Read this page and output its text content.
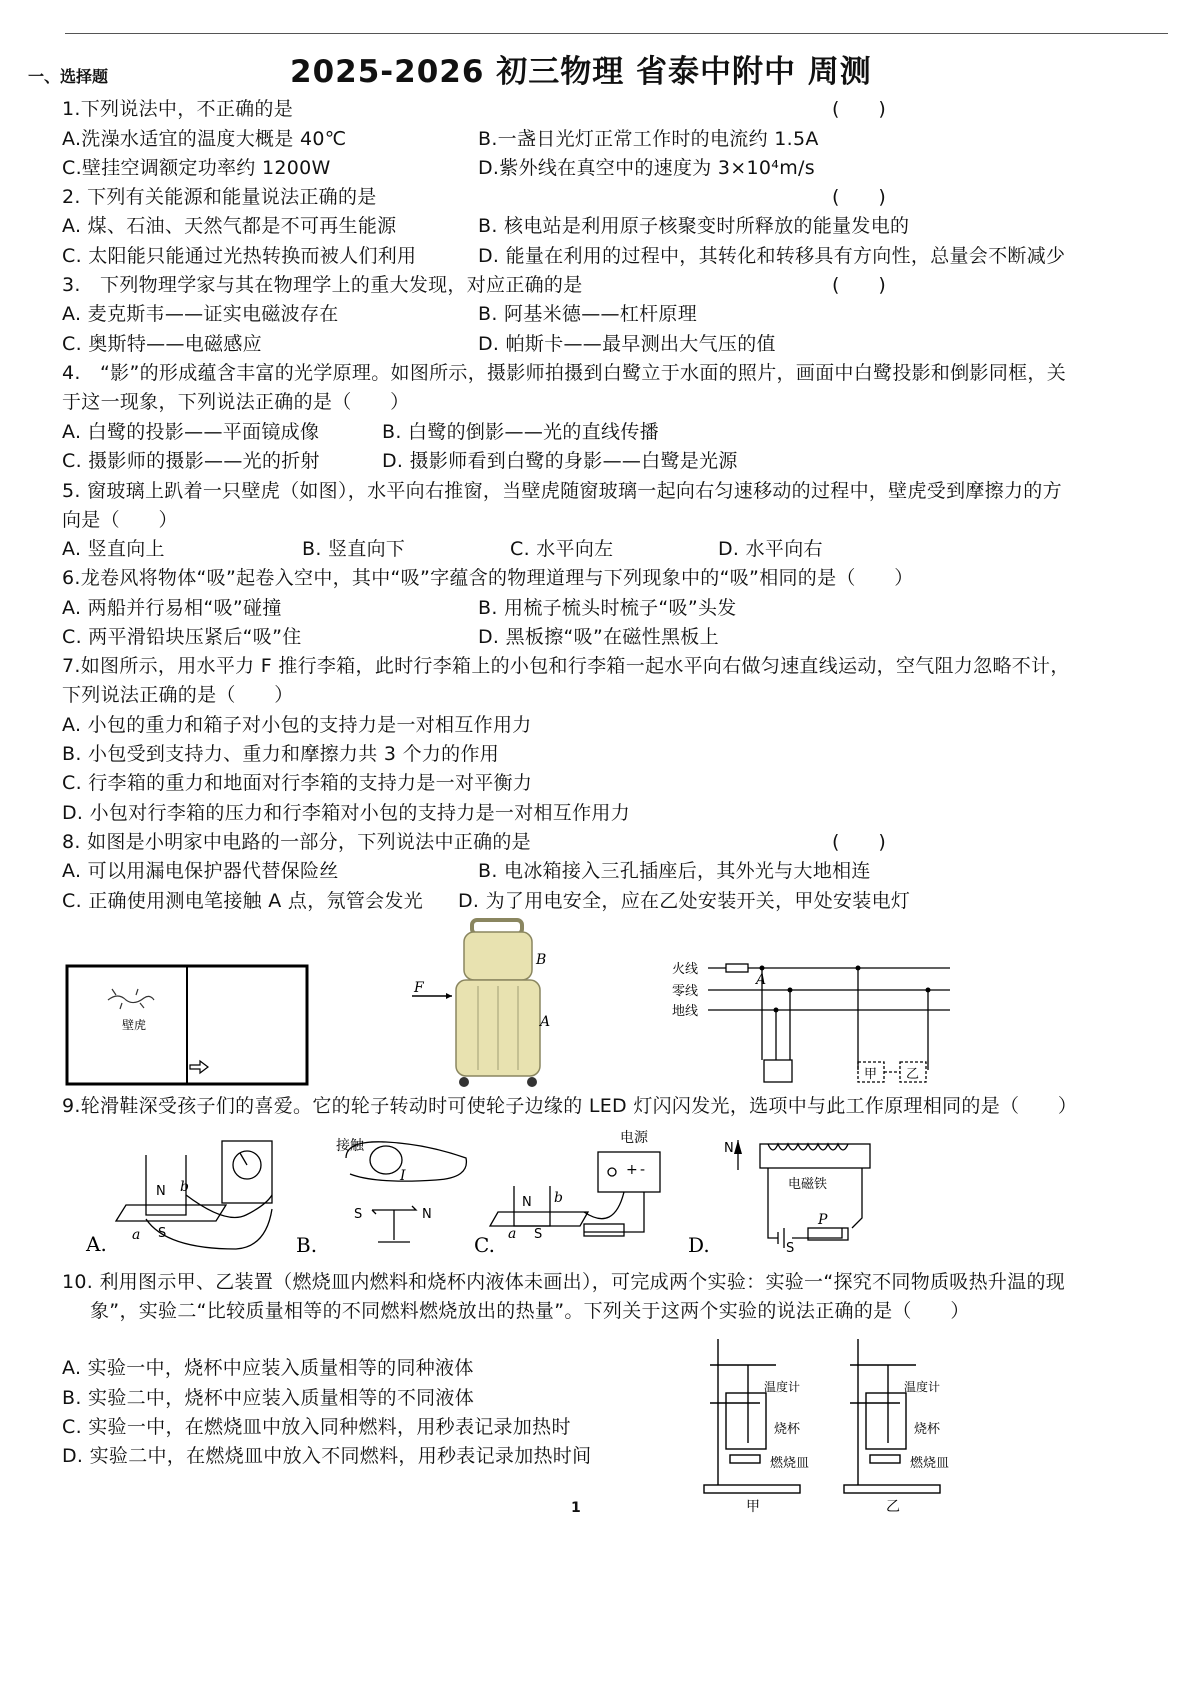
一、选择题	2025-2026 初三物理 省泰中附中 周测
1.下列说法中，不正确的是	(　　)
A.洗澡水适宜的温度大概是 40℃	B.一盏日光灯正常工作时的电流约 1.5A
C.壁挂空调额定功率约 1200W	D.紫外线在真空中的速度为 3×10⁴m/s
2. 下列有关能源和能量说法正确的是	(　　)
A. 煤、石油、天然气都是不可再生能源	B. 核电站是利用原子核聚变时所释放的能量发电的
C. 太阳能只能通过光热转换而被人们利用	D. 能量在利用的过程中，其转化和转移具有方向性，总量会不断减少
3.　下列物理学家与其在物理学上的重大发现，对应正确的是	(　　)
A. 麦克斯韦——证实电磁波存在	B. 阿基米德——杠杆原理
C. 奥斯特——电磁感应	D. 帕斯卡——最早测出大气压的值
4.　“影”的形成蕴含丰富的光学原理。如图所示，摄影师拍摄到白鹭立于水面的照片，画面中白鹭投影和倒影同框，关
于这一现象，下列说法正确的是（　　）
A. 白鹭的投影——平面镜成像	B. 白鹭的倒影——光的直线传播
C. 摄影师的摄影——光的折射	D. 摄影师看到白鹭的身影——白鹭是光源
5. 窗玻璃上趴着一只壁虎（如图），水平向右推窗，当壁虎随窗玻璃一起向右匀速移动的过程中，壁虎受到摩擦力的方
向是（　　）
A. 竖直向上	B. 竖直向下	C. 水平向左	D. 水平向右
6.龙卷风将物体“吸”起卷入空中，其中“吸”字蕴含的物理道理与下列现象中的“吸”相同的是（　　）
A. 两船并行易相“吸”碰撞	B. 用梳子梳头时梳子“吸”头发
C. 两平滑铅块压紧后“吸”住	D. 黑板擦“吸”在磁性黑板上
7.如图所示，用水平力 F 推行李箱，此时行李箱上的小包和行李箱一起水平向右做匀速直线运动，空气阻力忽略不计，
下列说法正确的是（　　）
A. 小包的重力和箱子对小包的支持力是一对相互作用力
B. 小包受到支持力、重力和摩擦力共 3 个力的作用
C. 行李箱的重力和地面对行李箱的支持力是一对平衡力
D. 小包对行李箱的压力和行李箱对小包的支持力是一对相互作用力
8. 如图是小明家中电路的一部分，下列说法中正确的是	(　　)
A. 可以用漏电保护器代替保险丝	B. 电冰箱接入三孔插座后，其外光与大地相连
C. 正确使用测电笔接触 A 点，氖管会发光 D. 为了用电安全，应在乙处安装开关，甲处安装电灯
壁虎
F
B
A
火线
零线
地线
A
甲 乙
9.轮滑鞋深受孩子们的喜爱。它的轮子转动时可使轮子边缘的 LED 灯闪闪发光，选项中与此工作原理相同的是（　　）
N
S
a
b
A.
接触
I
S	N
B.
电源
+ -
N
S
a
b
C.
N
电磁铁
P
S
D.
10. 利用图示甲、乙装置（燃烧皿内燃料和烧杯内液体未画出），可完成两个实验：实验一“探究不同物质吸热升温的现
象”，实验二“比较质量相等的不同燃料燃烧放出的热量”。下列关于这两个实验的说法正确的是（　　）
A. 实验一中，烧杯中应装入质量相等的同种液体
B. 实验二中，烧杯中应装入质量相等的不同液体
C. 实验一中，在燃烧皿中放入同种燃料，用秒表记录加热时
D. 实验二中，在燃烧皿中放入不同燃料，用秒表记录加热时间
温度计
烧杯
燃烧皿
甲
温度计
烧杯
燃烧皿
乙
1
